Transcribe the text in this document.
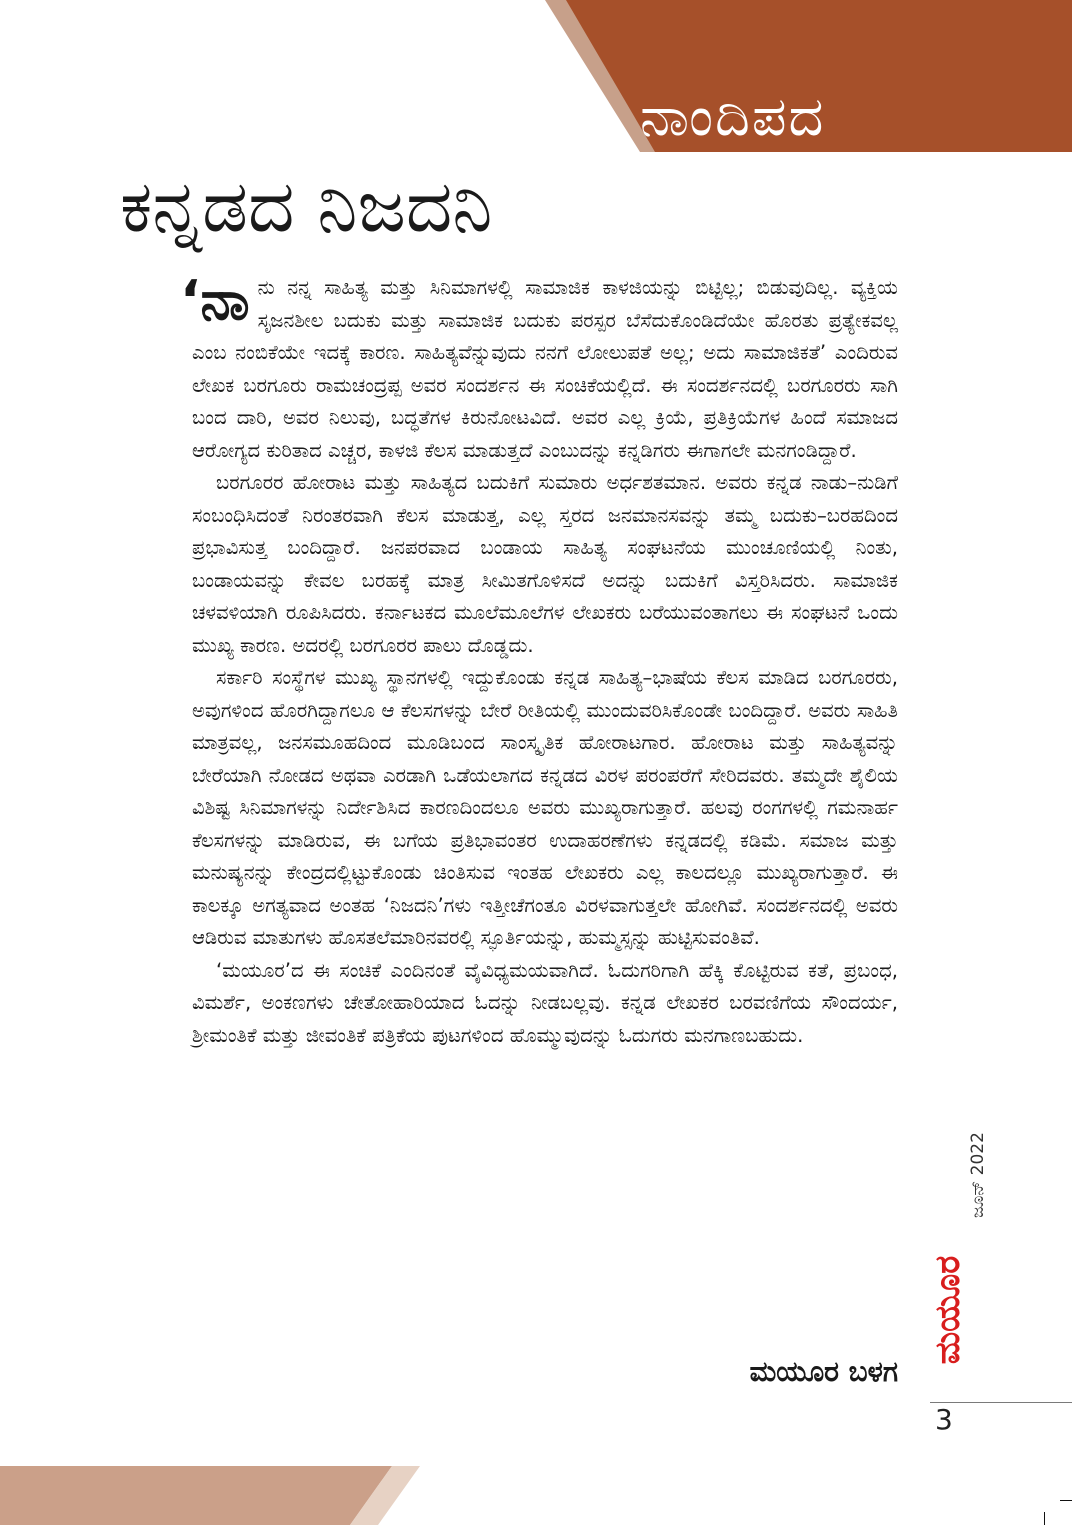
ನಾಂದಿಪದ
ಕನ್ನಡದ ನಿಜದನಿ

‘ನಾನು ನನ್ನ ಸಾಹಿತ್ಯ ಮತ್ತು ಸಿನಿಮಾಗಳಲ್ಲಿ ಸಾಮಾಜಿಕ ಕಾಳಜಿಯನ್ನು ಬಿಟ್ಟಿಲ್ಲ; ಬಿಡುವುದಿಲ್ಲ. ವ್ಯಕ್ತಿಯ ಸೃಜನಶೀಲ ಬದುಕು ಮತ್ತು ಸಾಮಾಜಿಕ ಬದುಕು ಪರಸ್ಪರ ಬೆಸೆದುಕೊಂಡಿದೆಯೇ ಹೊರತು ಪ್ರತ್ಯೇಕವಲ್ಲ ಎಂಬ ನಂಬಿಕೆಯೇ ಇದಕ್ಕೆ ಕಾರಣ. ಸಾಹಿತ್ಯವೆನ್ನುವುದು ನನಗೆ ಲೋಲುಪತೆ ಅಲ್ಲ; ಅದು ಸಾಮಾಜಿಕತೆ’ ಎಂದಿರುವ ಲೇಖಕ ಬರಗೂರು ರಾಮಚಂದ್ರಪ್ಪ ಅವರ ಸಂದರ್ಶನ ಈ ಸಂಚಿಕೆಯಲ್ಲಿದೆ. ಈ ಸಂದರ್ಶನದಲ್ಲಿ ಬರಗೂರರು ಸಾಗಿ ಬಂದ ದಾರಿ, ಅವರ ನಿಲುವು, ಬದ್ಧತೆಗಳ ಕಿರುನೋಟವಿದೆ. ಅವರ ಎಲ್ಲ ಕ್ರಿಯೆ, ಪ್ರತಿಕ್ರಿಯೆಗಳ ಹಿಂದೆ ಸಮಾಜದ ಆರೋಗ್ಯದ ಕುರಿತಾದ ಎಚ್ಚರ, ಕಾಳಜಿ ಕೆಲಸ ಮಾಡುತ್ತದೆ ಎಂಬುದನ್ನು ಕನ್ನಡಿಗರು ಈಗಾಗಲೇ ಮನಗಂಡಿದ್ದಾರೆ.

ಬರಗೂರರ ಹೋರಾಟ ಮತ್ತು ಸಾಹಿತ್ಯದ ಬದುಕಿಗೆ ಸುಮಾರು ಅರ್ಧಶತಮಾನ. ಅವರು ಕನ್ನಡ ನಾಡು–ನುಡಿಗೆ ಸಂಬಂಧಿಸಿದಂತೆ ನಿರಂತರವಾಗಿ ಕೆಲಸ ಮಾಡುತ್ತ, ಎಲ್ಲ ಸ್ತರದ ಜನಮಾನಸವನ್ನು ತಮ್ಮ ಬದುಕು–ಬರಹದಿಂದ ಪ್ರಭಾವಿಸುತ್ತ ಬಂದಿದ್ದಾರೆ. ಜನಪರವಾದ ಬಂಡಾಯ ಸಾಹಿತ್ಯ ಸಂಘಟನೆಯ ಮುಂಚೂಣಿಯಲ್ಲಿ ನಿಂತು, ಬಂಡಾಯವನ್ನು ಕೇವಲ ಬರಹಕ್ಕೆ ಮಾತ್ರ ಸೀಮಿತಗೊಳಿಸದೆ ಅದನ್ನು ಬದುಕಿಗೆ ವಿಸ್ತರಿಸಿದರು. ಸಾಮಾಜಿಕ ಚಳವಳಿಯಾಗಿ ರೂಪಿಸಿದರು. ಕರ್ನಾಟಕದ ಮೂಲೆಮೂಲೆಗಳ ಲೇಖಕರು ಬರೆಯುವಂತಾಗಲು ಈ ಸಂಘಟನೆ ಒಂದು ಮುಖ್ಯ ಕಾರಣ. ಅದರಲ್ಲಿ ಬರಗೂರರ ಪಾಲು ದೊಡ್ಡದು.

ಸರ್ಕಾರಿ ಸಂಸ್ಥೆಗಳ ಮುಖ್ಯ ಸ್ಥಾನಗಳಲ್ಲಿ ಇದ್ದುಕೊಂಡು ಕನ್ನಡ ಸಾಹಿತ್ಯ–ಭಾಷೆಯ ಕೆಲಸ ಮಾಡಿದ ಬರಗೂರರು, ಅವುಗಳಿಂದ ಹೊರಗಿದ್ದಾಗಲೂ ಆ ಕೆಲಸಗಳನ್ನು ಬೇರೆ ರೀತಿಯಲ್ಲಿ ಮುಂದುವರಿಸಿಕೊಂಡೇ ಬಂದಿದ್ದಾರೆ. ಅವರು ಸಾಹಿತಿ ಮಾತ್ರವಲ್ಲ, ಜನಸಮೂಹದಿಂದ ಮೂಡಿಬಂದ ಸಾಂಸ್ಕೃತಿಕ ಹೋರಾಟಗಾರ. ಹೋರಾಟ ಮತ್ತು ಸಾಹಿತ್ಯವನ್ನು ಬೇರೆಯಾಗಿ ನೋಡದ ಅಥವಾ ಎರಡಾಗಿ ಒಡೆಯಲಾಗದ ಕನ್ನಡದ ವಿರಳ ಪರಂಪರೆಗೆ ಸೇರಿದವರು. ತಮ್ಮದೇ ಶೈಲಿಯ ವಿಶಿಷ್ಟ ಸಿನಿಮಾಗಳನ್ನು ನಿರ್ದೇಶಿಸಿದ ಕಾರಣದಿಂದಲೂ ಅವರು ಮುಖ್ಯರಾಗುತ್ತಾರೆ. ಹಲವು ರಂಗಗಳಲ್ಲಿ ಗಮನಾರ್ಹ ಕೆಲಸಗಳನ್ನು ಮಾಡಿರುವ, ಈ ಬಗೆಯ ಪ್ರತಿಭಾವಂತರ ಉದಾಹರಣೆಗಳು ಕನ್ನಡದಲ್ಲಿ ಕಡಿಮೆ. ಸಮಾಜ ಮತ್ತು ಮನುಷ್ಯನನ್ನು ಕೇಂದ್ರದಲ್ಲಿಟ್ಟುಕೊಂಡು ಚಿಂತಿಸುವ ಇಂತಹ ಲೇಖಕರು ಎಲ್ಲ ಕಾಲದಲ್ಲೂ ಮುಖ್ಯರಾಗುತ್ತಾರೆ. ಈ ಕಾಲಕ್ಕೂ ಅಗತ್ಯವಾದ ಅಂತಹ ‘ನಿಜದನಿ’ಗಳು ಇತ್ತೀಚೆಗಂತೂ ವಿರಳವಾಗುತ್ತಲೇ ಹೋಗಿವೆ. ಸಂದರ್ಶನದಲ್ಲಿ ಅವರು ಆಡಿರುವ ಮಾತುಗಳು ಹೊಸತಲೆಮಾರಿನವರಲ್ಲಿ ಸ್ಫೂರ್ತಿಯನ್ನು, ಹುಮ್ಮಸ್ಸನ್ನು ಹುಟ್ಟಿಸುವಂತಿವೆ.

‘ಮಯೂರ’ದ ಈ ಸಂಚಿಕೆ ಎಂದಿನಂತೆ ವೈವಿಧ್ಯಮಯವಾಗಿದೆ. ಓದುಗರಿಗಾಗಿ ಹೆಕ್ಕಿ ಕೊಟ್ಟಿರುವ ಕತೆ, ಪ್ರಬಂಧ, ವಿಮರ್ಶೆ, ಅಂಕಣಗಳು ಚೇತೋಹಾರಿಯಾದ ಓದನ್ನು ನೀಡಬಲ್ಲವು. ಕನ್ನಡ ಲೇಖಕರ ಬರವಣಿಗೆಯ ಸೌಂದರ್ಯ, ಶ್ರೀಮಂತಿಕೆ ಮತ್ತು ಜೀವಂತಿಕೆ ಪತ್ರಿಕೆಯ ಪುಟಗಳಿಂದ ಹೊಮ್ಮುವುದನ್ನು ಓದುಗರು ಮನಗಾಣಬಹುದು.

ಮಯೂರ ಬಳಗ
ಜೂನ್ 2022
ಮಯೂರ
3
